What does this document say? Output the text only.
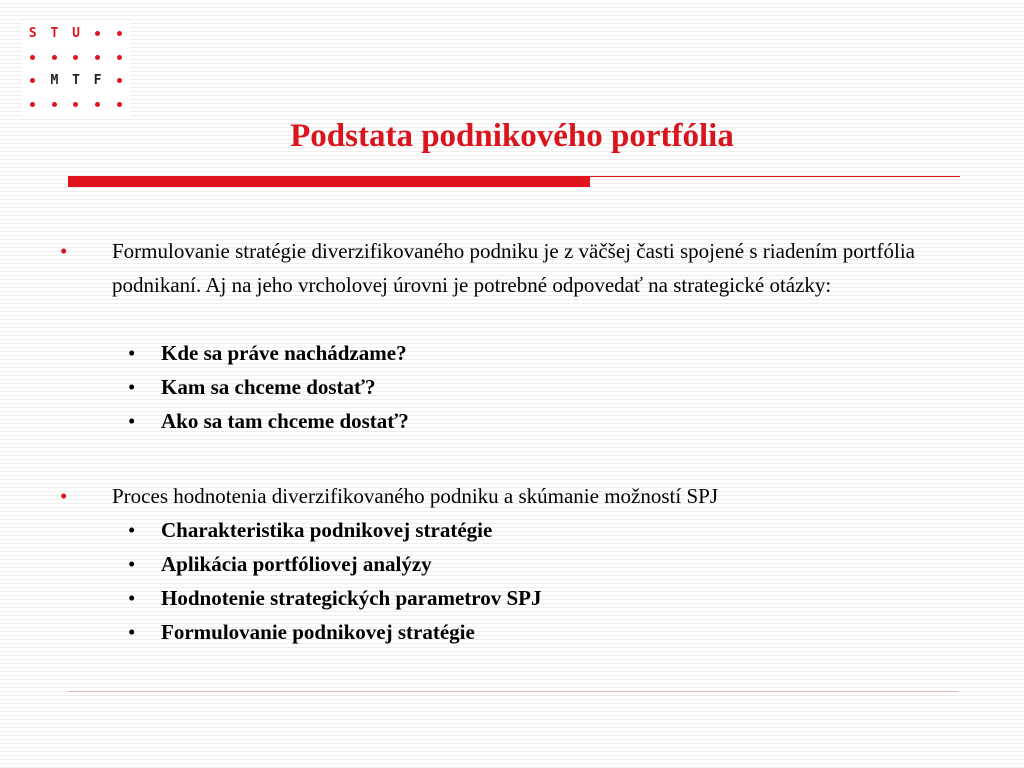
S	T	U
M	T	F
Podstata podnikového portfólia
• Formulovanie stratégie diverzifikovaného podniku je z väčšej časti spojené s riadením portfólia podnikaní. Aj na jeho vrcholovej úrovni je potrebné odpovedať na strategické otázky:
• Kde sa práve nachádzame?
• Kam sa chceme dostať?
• Ako sa tam chceme dostať?
• Proces hodnotenia diverzifikovaného podniku a skúmanie možností SPJ
• Charakteristika podnikovej stratégie
• Aplikácia portfóliovej analýzy
• Hodnotenie strategických parametrov SPJ
• Formulovanie podnikovej stratégie
